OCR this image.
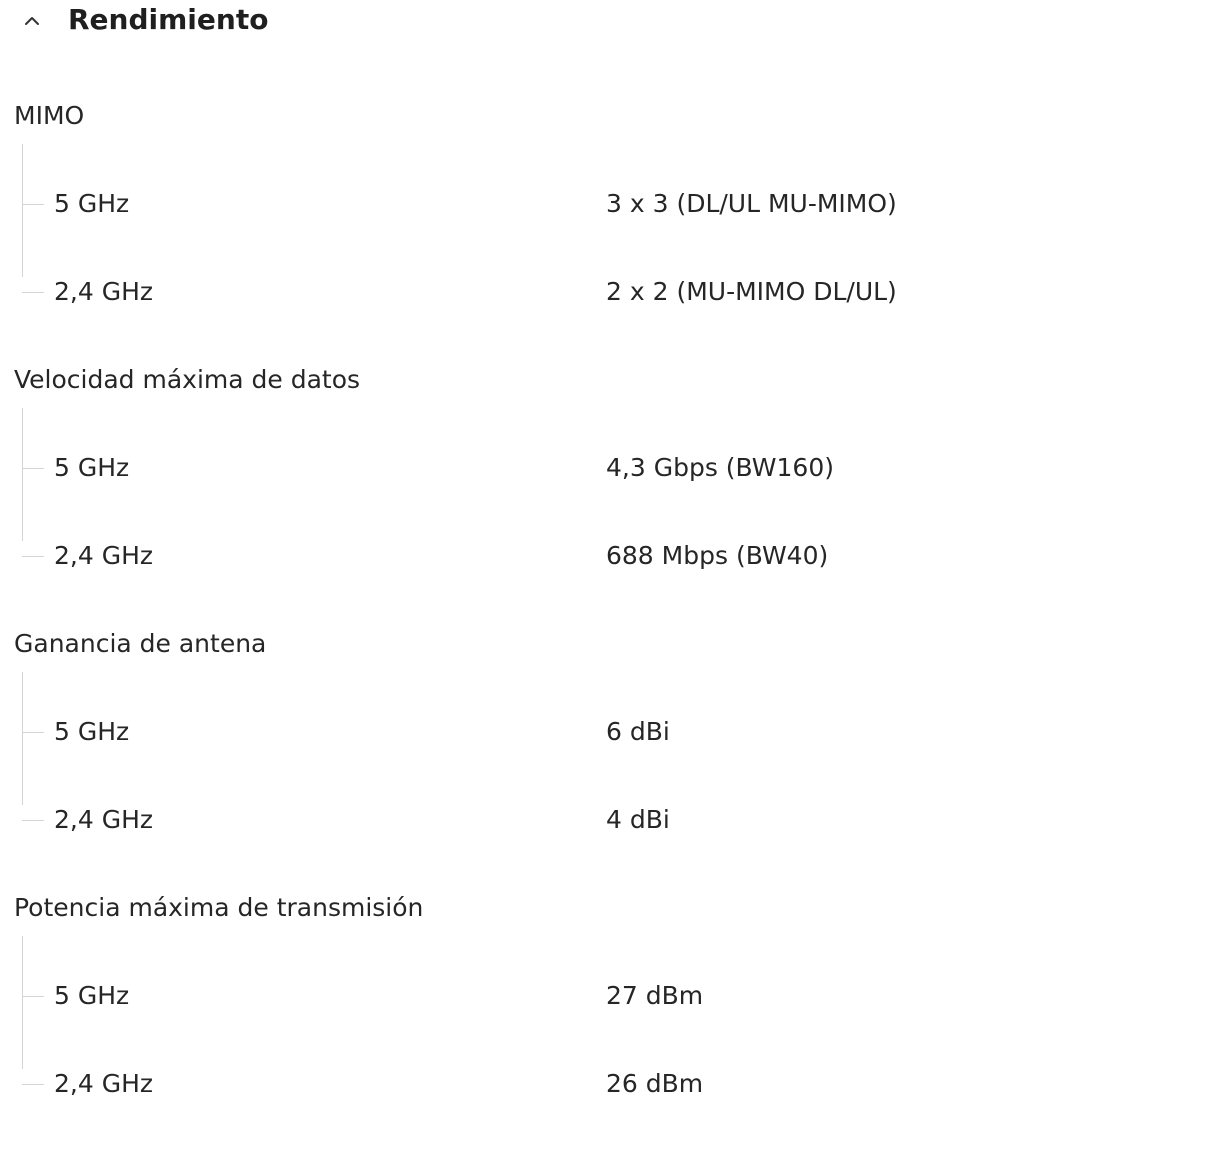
Rendimiento
MIMO
5 GHz	3 x 3 (DL/UL MU-MIMO)
2,4 GHz	2 x 2 (MU-MIMO DL/UL)
Velocidad máxima de datos
5 GHz	4,3 Gbps (BW160)
2,4 GHz	688 Mbps (BW40)
Ganancia de antena
5 GHz	6 dBi
2,4 GHz	4 dBi
Potencia máxima de transmisión
5 GHz	27 dBm
2,4 GHz	26 dBm
